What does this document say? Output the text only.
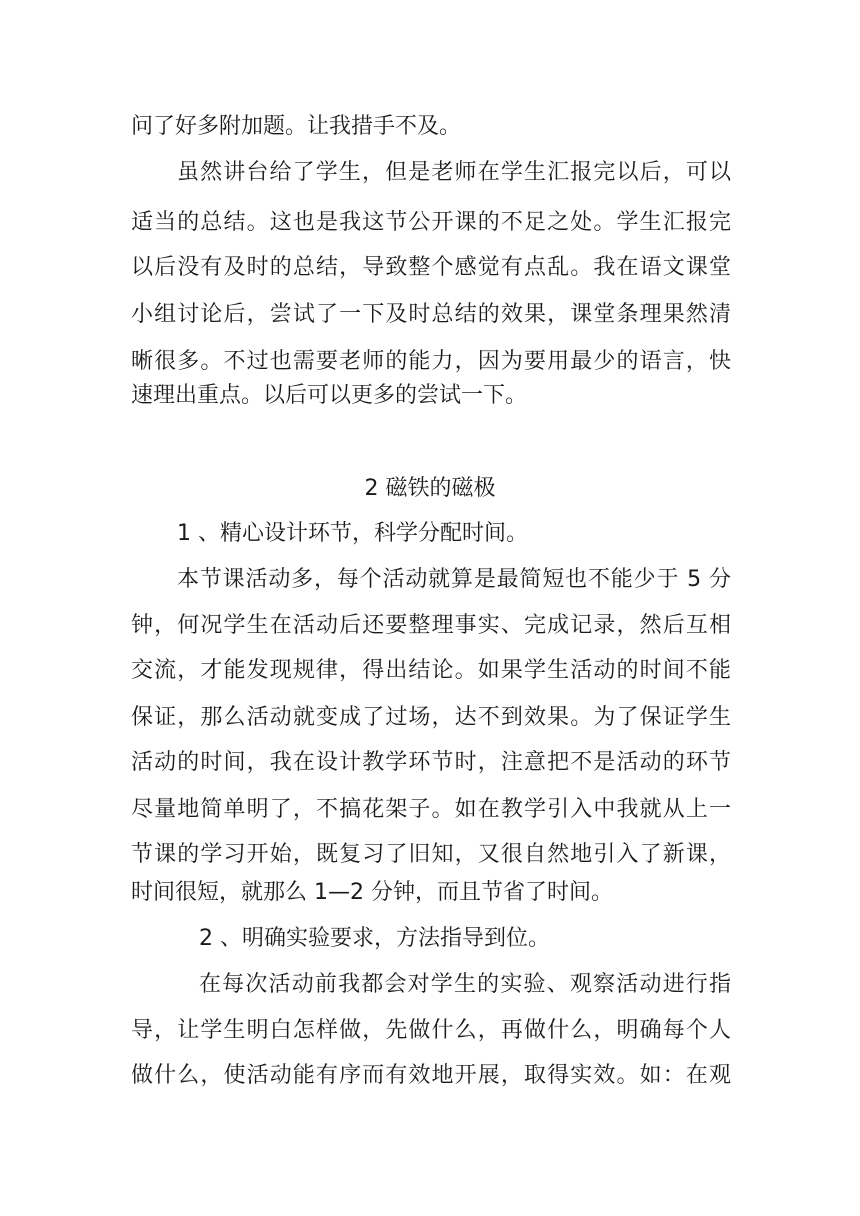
问了好多附加题。让我措手不及。
虽然讲台给了学生，但是老师在学生汇报完以后，可以
适当的总结。这也是我这节公开课的不足之处。学生汇报完
以后没有及时的总结，导致整个感觉有点乱。我在语文课堂
小组讨论后，尝试了一下及时总结的效果，课堂条理果然清
晰很多。不过也需要老师的能力，因为要用最少的语言，快
速理出重点。以后可以更多的尝试一下。
2 磁铁的磁极
1 、精心设计环节，科学分配时间。
本节课活动多，每个活动就算是最简短也不能少于 5 分
钟，何况学生在活动后还要整理事实、完成记录，然后互相
交流，才能发现规律，得出结论。如果学生活动的时间不能
保证，那么活动就变成了过场，达不到效果。为了保证学生
活动的时间，我在设计教学环节时，注意把不是活动的环节
尽量地简单明了，不搞花架子。如在教学引入中我就从上一
节课的学习开始，既复习了旧知，又很自然地引入了新课，
时间很短，就那么 1—2 分钟，而且节省了时间。
2 、明确实验要求，方法指导到位。
在每次活动前我都会对学生的实验、观察活动进行指
导，让学生明白怎样做，先做什么，再做什么，明确每个人
做什么，使活动能有序而有效地开展，取得实效。如：在观
